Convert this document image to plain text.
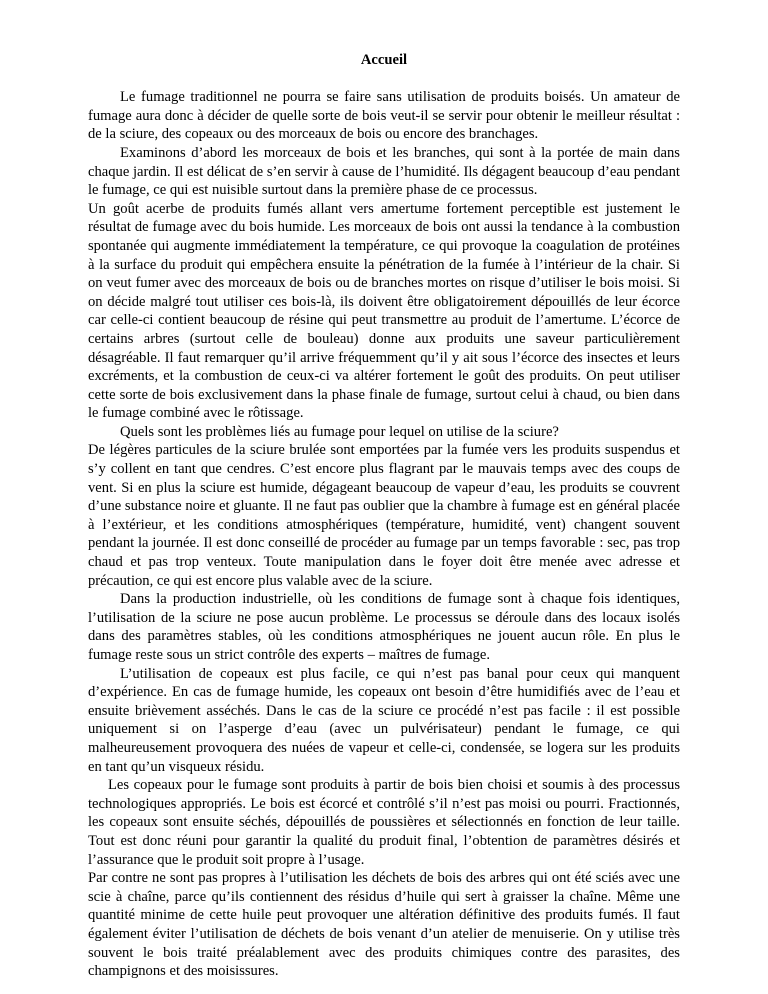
Accueil

Le fumage traditionnel ne pourra se faire sans utilisation de produits boisés. Un amateur de fumage aura donc à décider de quelle sorte de bois veut-il se servir pour obtenir le meilleur résultat : de la sciure, des copeaux ou des morceaux de bois ou encore des branchages.

Examinons d’abord les morceaux de bois et les branches, qui sont à la portée de main dans chaque jardin. Il est délicat de s’en servir à cause de l’humidité. Ils dégagent beaucoup d’eau pendant le fumage, ce qui est nuisible surtout dans la première phase de ce processus.

Un goût acerbe de produits fumés allant vers amertume fortement perceptible est justement le résultat de fumage avec du bois humide. Les morceaux de bois ont aussi la tendance à la combustion spontanée qui augmente immédiatement la température, ce qui provoque la coagulation de protéines à la surface du produit qui empêchera ensuite la pénétration de la fumée à l’intérieur de la chair. Si on veut fumer avec des morceaux de bois ou de branches mortes on risque d’utiliser le bois moisi. Si on décide malgré tout utiliser ces bois-là, ils doivent être obligatoirement dépouillés de leur écorce car celle-ci contient beaucoup de résine qui peut transmettre au produit de l’amertume. L’écorce de certains arbres (surtout celle de bouleau) donne aux produits une saveur particulièrement désagréable. Il faut remarquer qu’il arrive fréquemment qu’il y ait sous l’écorce des insectes et leurs excréments, et la combustion de ceux-ci va altérer fortement le goût des produits. On peut utiliser cette sorte de bois exclusivement dans la phase finale de fumage, surtout celui à chaud, ou bien dans le fumage combiné avec le rôtissage.

Quels sont les problèmes liés au fumage pour lequel on utilise de la sciure?

De légères particules de la sciure brulée sont emportées par la fumée vers les produits suspendus et s’y collent en tant que cendres. C’est encore plus flagrant par le mauvais temps avec des coups de vent. Si en plus la sciure est humide, dégageant beaucoup de vapeur d’eau, les produits se couvrent d’une substance noire et gluante. Il ne faut pas oublier que la chambre à fumage est en général placée à l’extérieur, et les conditions atmosphériques (température, humidité, vent) changent souvent pendant la journée. Il est donc conseillé de procéder au fumage par un temps favorable : sec, pas trop chaud et pas trop venteux. Toute manipulation dans le foyer doit être menée avec adresse et précaution, ce qui est encore plus valable avec de la sciure.

Dans la production industrielle, où les conditions de fumage sont à chaque fois identiques, l’utilisation de la sciure ne pose aucun problème. Le processus se déroule dans des locaux isolés dans des paramètres stables, où les conditions atmosphériques ne jouent aucun rôle. En plus le fumage reste sous un strict contrôle des experts – maîtres de fumage.

L’utilisation de copeaux est plus facile, ce qui n’est pas banal pour ceux qui manquent d’expérience. En cas de fumage humide, les copeaux ont besoin d’être humidifiés avec de l’eau et ensuite brièvement asséchés. Dans le cas de la sciure ce procédé n’est pas facile : il est possible uniquement si on l’asperge d’eau (avec un pulvérisateur) pendant le fumage, ce qui malheureusement provoquera des nuées de vapeur et celle-ci, condensée, se logera sur les produits en tant qu’un visqueux résidu.

Les copeaux pour le fumage sont produits à partir de bois bien choisi et soumis à des processus technologiques appropriés. Le bois est écorcé et contrôlé s’il n’est pas moisi ou pourri. Fractionnés, les copeaux sont ensuite séchés, dépouillés de poussières et sélectionnés en fonction de leur taille. Tout est donc réuni pour garantir la qualité du produit final, l’obtention de paramètres désirés et l’assurance que le produit soit propre à l’usage.

Par contre ne sont pas propres à l’utilisation les déchets de bois des arbres qui ont été sciés avec une scie à chaîne, parce qu’ils contiennent des résidus d’huile qui sert à graisser la chaîne. Même une quantité minime de cette huile peut provoquer une altération définitive des produits fumés. Il faut également éviter l’utilisation de déchets de bois venant d’un atelier de menuiserie. On y utilise très souvent le bois traité préalablement avec des produits chimiques contre des parasites, des champignons et des moisissures.
